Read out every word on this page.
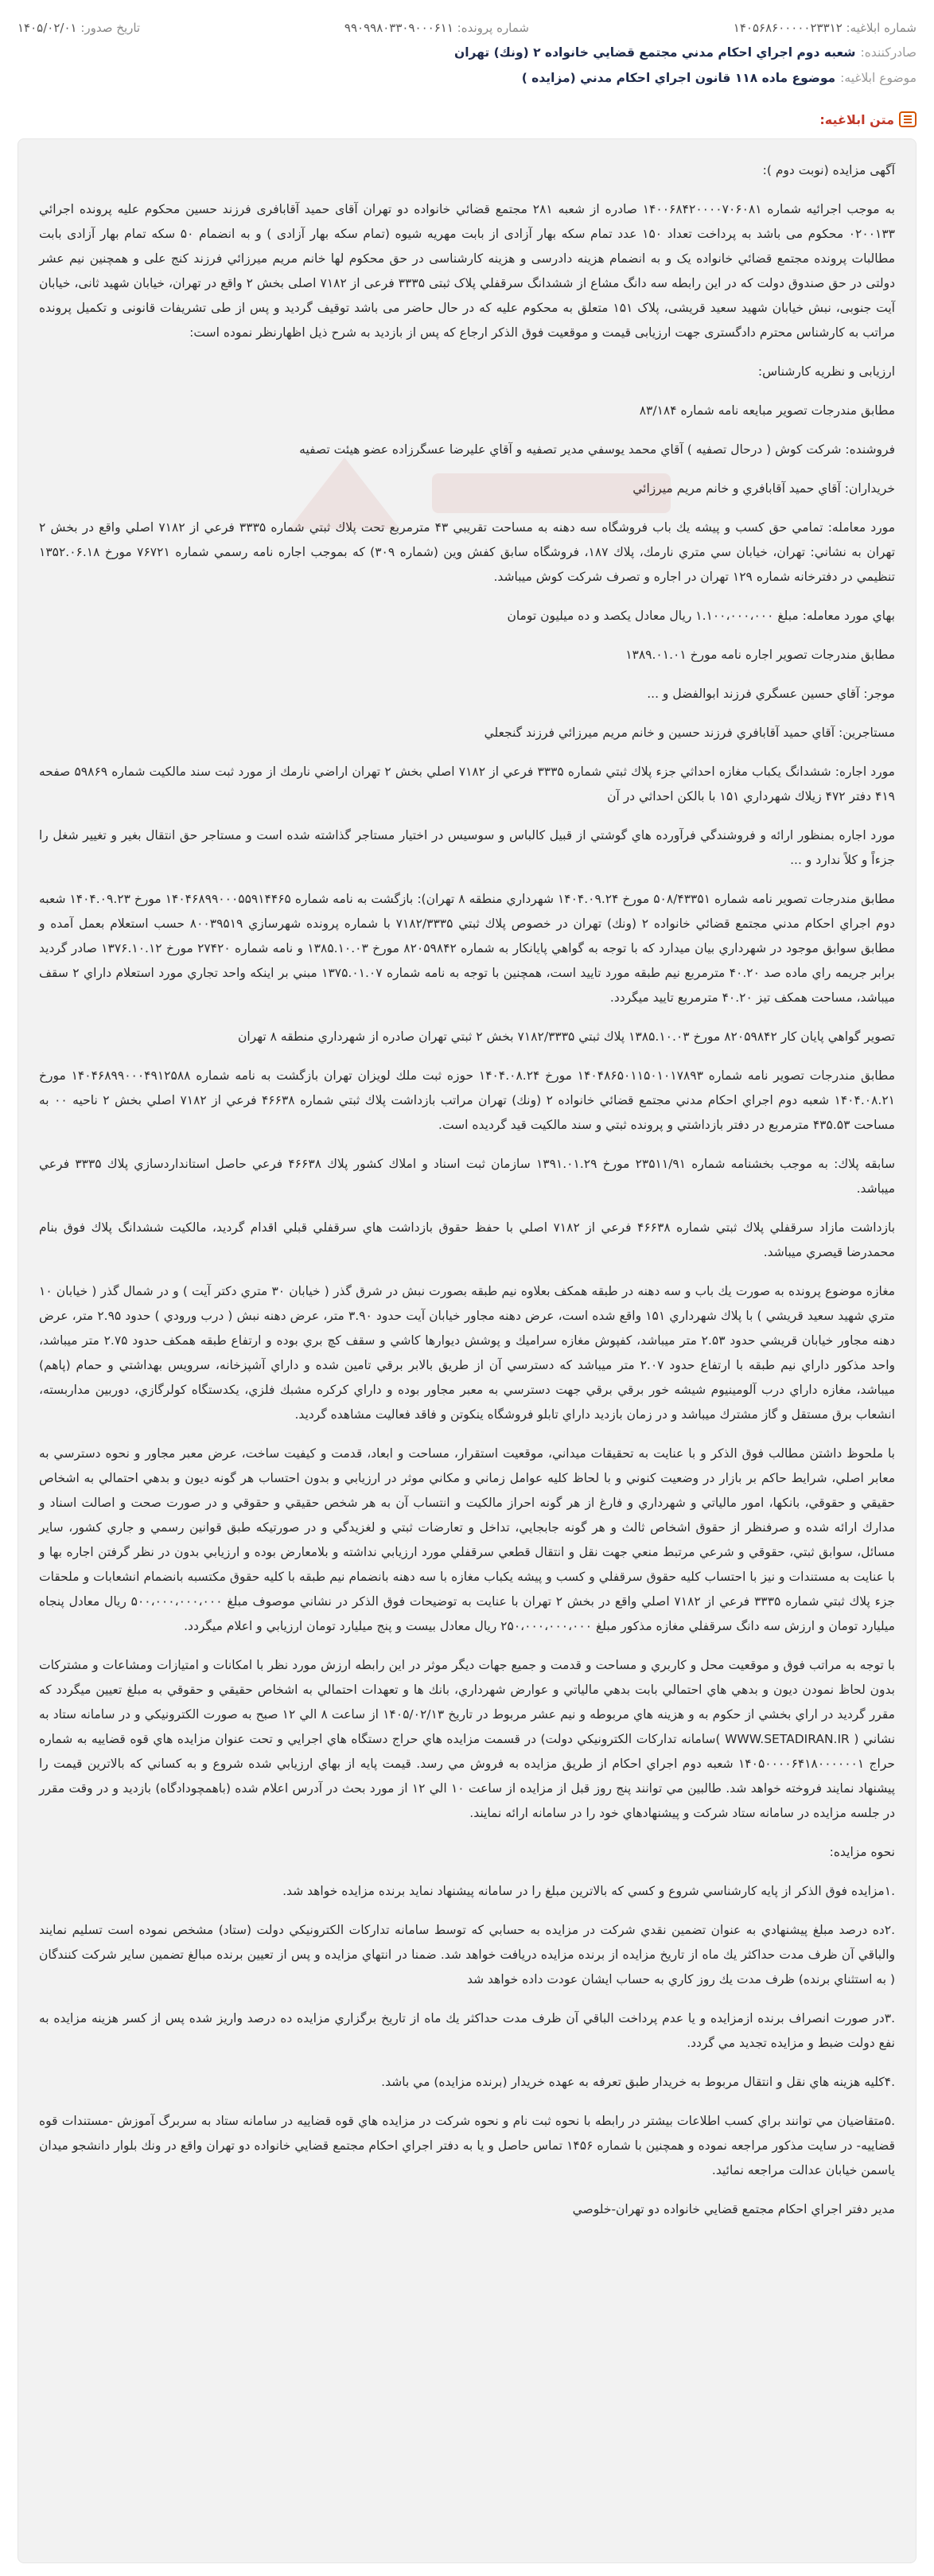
شماره ابلاغیه: ۱۴۰۵۶۸۶۰۰۰۰۰۲۳۳۱۲
شماره پرونده: ۹۹۰۹۹۸۰۳۳۰۹۰۰۰۶۱۱
تاریخ صدور: ۱۴۰۵/۰۲/۰۱
صادرکننده:
شعبه دوم اجراي احكام مدني مجتمع قضايي خانواده ۲ (ونك) تهران
موضوع ابلاغیه:
موضوع ماده ۱۱۸ قانون اجراي احكام مدني (مزايده )
متن ابلاغیه:

آگهی مزایده (نوبت دوم ):

به موجب اجرائيه شماره ۱۴۰۰۶۸۴۲۰۰۰۰۷۰۶۰۸۱ صادره از شعبه ۲۸۱ مجتمع قضائي خانواده دو تهران آقای حمید آقابافری فرزند حسین محکوم علیه پرونده اجرائي ۰۲۰۰۱۳۳ محکوم می باشد به پرداخت تعداد ۱۵۰ عدد تمام سکه بهار آزادی از بابت مهریه شیوه (تمام سکه بهار آزادی ) و به انضمام ۵۰ سکه تمام بهار آزادی بابت مطالبات پرونده مجتمع قضائي خانواده یک و به انضمام هزینه دادرسی و هزینه کارشناسی در حق محکوم لها خانم مریم میرزائي فرزند کنج علی و همچنین نیم عشر دولتی در حق صندوق دولت که در این رابطه سه دانگ مشاع از ششدانگ سرقفلي پلاک ثبتی ۳۳۳۵ فرعی از ۷۱۸۲ اصلی بخش ۲ واقع در تهران، خیابان شهید ثانی، خیابان آیت جنوبی، نبش خیابان شهید سعید قریشی، پلاک ۱۵۱ متعلق به محکوم علیه که در حال حاضر می باشد توقیف گردید و پس از طی تشریفات قانونی و تکمیل پرونده مراتب به کارشناس محترم دادگستری جهت ارزیابی قیمت و موقعیت فوق الذکر ارجاع که پس از بازدید به شرح ذیل اظهارنظر نموده است:

ارزیابی و نظریه کارشناس:

مطابق مندرجات تصویر مبایعه نامه شماره ۸۳/۱۸۴

فروشنده: شرکت کوش ( درحال تصفیه ) آقاي محمد يوسفي مدير تصفيه و آقاي عليرضا عسگرزاده عضو هيئت تصفيه

خریداران: آقاي حميد آقابافري و خانم مريم ميرزائي

مورد معامله: تمامي حق كسب و پيشه يك باب فروشگاه سه دهنه به مساحت تقريبي ۴۳ مترمربع تحت پلاك ثبتي شماره ۳۳۳۵ فرعي از ۷۱۸۲ اصلي واقع در بخش ۲ تهران به نشاني: تهران، خيابان سي متري نارمك، پلاك ۱۸۷، فروشگاه سابق كفش وين (شماره ۳۰۹) كه بموجب اجاره نامه رسمي شماره ۷۶۷۲۱ مورخ ۱۳۵۲.۰۶.۱۸ تنظيمي در دفترخانه شماره ۱۲۹ تهران در اجاره و تصرف شركت كوش ميباشد.

بهاي مورد معامله: مبلغ ۱.۱۰۰،۰۰۰،۰۰۰ ريال معادل يكصد و ده ميليون تومان

مطابق مندرجات تصویر اجاره نامه مورخ ۱۳۸۹.۰۱.۰۱

موجر: آقاي حسين عسگري فرزند ابوالفضل و ...

مستاجرين: آقاي حميد آقابافري فرزند حسين و خانم مريم ميرزائي فرزند گنجعلي

مورد اجاره: ششدانگ يكباب مغازه احداثي جزء پلاك ثبتي شماره ۳۳۳۵ فرعي از ۷۱۸۲ اصلي بخش ۲ تهران اراضي نارمك از مورد ثبت سند مالكيت شماره ۵۹۸۶۹ صفحه ۴۱۹ دفتر ۴۷۲ زيلاك شهرداري ۱۵۱ با بالكن احداثي در آن

مورد اجاره بمنظور ارائه و فروشندگي فرآورده هاي گوشتي از قبيل كالباس و سوسيس در اختيار مستاجر گذاشته شده است و مستاجر حق انتقال بغير و تغيير شغل را جزءاً و كلاً ندارد و ...

مطابق مندرجات تصویر نامه شماره ۵۰۸/۴۳۳۵۱ مورخ ۱۴۰۴.۰۹.۲۴ شهرداري منطقه ۸ تهران): بازگشت به نامه شماره ۱۴۰۴۶۸۹۹۰۰۰۵۵۹۱۴۴۶۵ مورخ ۱۴۰۴.۰۹.۲۳ شعبه دوم اجراي احكام مدني مجتمع قضائي خانواده ۲ (ونك) تهران در خصوص پلاك ثبتي ۷۱۸۲/۳۳۳۵ با شماره پرونده شهرسازي ۸۰۰۳۹۵۱۹ حسب استعلام بعمل آمده و مطابق سوابق موجود در شهرداري بيان ميدارد كه با توجه به گواهي پايانكار به شماره ۸۲۰۵۹۸۴۲ مورخ ۱۳۸۵.۱۰.۰۳ و نامه شماره ۲۷۴۲۰ مورخ ۱۳۷۶.۱۰.۱۲ صادر گرديد برابر جريمه راي ماده صد ۴۰.۲۰ مترمربع نيم طبقه مورد تاييد است، همچنين با توجه به نامه شماره ۱۳۷۵.۰۱.۰۷ مبني بر اينكه واحد تجاري مورد استعلام داراي ۲ سقف ميباشد، مساحت همكف تيز ۴۰.۲۰ مترمربع تاييد ميگردد.

تصوير گواهي پايان كار ۸۲۰۵۹۸۴۲ مورخ ۱۳۸۵.۱۰.۰۳ پلاك ثبتي ۷۱۸۲/۳۳۳۵ بخش ۲ ثبتي تهران صادره از شهرداري منطقه ۸ تهران

مطابق مندرجات تصویر نامه شماره ۱۴۰۴۸۶۵۰۱۱۵۰۱۰۱۷۸۹۳ مورخ ۱۴۰۴.۰۸.۲۴ حوزه ثبت ملك لويزان تهران بازگشت به نامه شماره ۱۴۰۴۶۸۹۹۰۰۰۴۹۱۲۵۸۸ مورخ ۱۴۰۴.۰۸.۲۱ شعبه دوم اجراي احكام مدني مجتمع قضائي خانواده ۲ (ونك) تهران مراتب بازداشت پلاك ثبتي شماره ۴۶۶۳۸ فرعي از ۷۱۸۲ اصلي بخش ۲ ناحيه ۰۰ به مساحت ۴۳۵.۵۳ مترمربع در دفتر بازداشتي و پرونده ثبتي و سند مالكيت قيد گرديده است.

سابقه پلاك: به موجب بخشنامه شماره ۲۳۵۱۱/۹۱ مورخ ۱۳۹۱.۰۱.۲۹ سازمان ثبت اسناد و املاك كشور پلاك ۴۶۶۳۸ فرعي حاصل استانداردسازي پلاك ۳۳۳۵ فرعي ميباشد.

بازداشت مازاد سرقفلي پلاك ثبتي شماره ۴۶۶۳۸ فرعي از ۷۱۸۲ اصلي با حفظ حقوق بازداشت هاي سرقفلي قبلي اقدام گرديد، مالكيت ششدانگ پلاك فوق بنام محمدرضا قيصري ميباشد.

مغازه موضوع پرونده به صورت يك باب و سه دهنه در طبقه همكف بعلاوه نيم طبقه بصورت نبش در شرق گذر ( خيابان ۳۰ متري دكتر آيت ) و در شمال گذر ( خيابان ۱۰ متري شهيد سعيد قريشي ) با پلاك شهرداري ۱۵۱ واقع شده است، عرض دهنه مجاور خيابان آيت حدود ۳.۹۰ متر، عرض دهنه نبش ( درب ورودي ) حدود ۲.۹۵ متر، عرض دهنه مجاور خيابان قريشي حدود ۲.۵۳ متر ميباشد، كفپوش مغازه سراميك و پوشش ديوارها كاشي و سقف كچ بري بوده و ارتفاع طبقه همكف حدود ۲.۷۵ متر ميباشد، واحد مذكور داراي نيم طبقه با ارتفاع حدود ۲.۰۷ متر ميباشد كه دسترسي آن از طريق بالابر برقي تامين شده و داراي آشپزخانه، سرويس بهداشتي و حمام (پاهم) ميباشد، مغازه داراي درب آلومينيوم شيشه خور برقي برقي جهت دسترسي به معبر مجاور بوده و داراي كركره مشبك فلزي، يكدستگاه كولرگازي، دوربين مداربسته، انشعاب برق مستقل و گاز مشترك ميباشد و در زمان بازديد داراي تابلو فروشگاه ينكوتن و فاقد فعاليت مشاهده گرديد.

با ملحوظ داشتن مطالب فوق الذكر و با عنايت به تحقيقات ميداني، موقعيت استقرار، مساحت و ابعاد، قدمت و كيفيت ساخت، عرض معبر مجاور و نحوه دسترسي به معابر اصلي، شرايط حاكم بر بازار در وضعيت كنوني و با لحاظ كليه عوامل زماني و مكاني موثر در ارزيابي و بدون احتساب هر گونه ديون و بدهي احتمالي به اشخاص حقيقي و حقوقي، بانكها، امور مالياتي و شهرداري و فارغ از هر گونه احراز مالكيت و انتساب آن به هر شخص حقيقي و حقوقي و در صورت صحت و اصالت اسناد و مدارك ارائه شده و صرفنظر از حقوق اشخاص ثالث و هر گونه جابجايي، تداخل و تعارضات ثبتي و لغزيدگي و در صورتيكه طبق قوانين رسمي و جاري كشور، ساير مسائل، سوابق ثبتي، حقوقي و شرعي مرتبط منعي جهت نقل و انتقال قطعي سرقفلي مورد ارزيابي نداشته و بلامعارض بوده و ارزيابي بدون در نظر گرفتن اجاره بها و با عنايت به مستندات و نيز با احتساب كليه حقوق سرقفلي و كسب و پيشه يكباب مغازه با سه دهنه بانضمام نيم طبقه با كليه حقوق مكتسبه بانضمام انشعابات و ملحقات جزء پلاك ثبتي شماره ۳۳۳۵ فرعي از ۷۱۸۲ اصلي واقع در بخش ۲ تهران با عنايت به توضيحات فوق الذكر در نشاني موصوف مبلغ ۵۰۰،۰۰۰،۰۰۰،۰۰۰ ريال معادل پنجاه ميليارد تومان و ارزش سه دانگ سرقفلي مغازه مذكور مبلغ ۲۵۰،۰۰۰،۰۰۰،۰۰۰ ريال معادل بيست و پنج ميليارد تومان ارزيابي و اعلام ميگردد.

با توجه به مراتب فوق و موقعيت محل و كاربري و مساحت و قدمت و جميع جهات ديگر موثر در اين رابطه ارزش مورد نظر با امكانات و امتيازات ومشاعات و مشتركات بدون لحاظ نمودن ديون و بدهي هاي احتمالي بابت بدهي مالياتي و عوارض شهرداري، بانك ها و تعهدات احتمالي به اشخاص حقيقي و حقوقي به مبلغ تعيين ميگردد كه مقرر گرديد در اراي بخشي از حكوم به و هزينه هاي مربوطه و نيم عشر مربوط در تاريخ ۱۴۰۵/۰۲/۱۳ از ساعت ۸ الي ۱۲ صبح به صورت الكترونيكي و در سامانه ستاد به نشاني ( WWW.SETADIRAN.IR )سامانه تداركات الكترونيكي دولت) در قسمت مزايده هاي حراج دستگاه هاي اجرايي و تحت عنوان مزايده هاي قوه قضاييه به شماره حراج ۱۴۰۵۰۰۰۰۶۴۱۸۰۰۰۰۰۰۱ شعبه دوم اجراي احكام از طريق مزايده به فروش مي رسد. قيمت پايه از بهاي ارزيابي شده شروع و به كساني كه بالاترين قيمت را پيشنهاد نمايند فروخته خواهد شد. طالبين مي توانند پنج روز قبل از مزايده از ساعت ۱۰ الي ۱۲ از مورد بحث در آدرس اعلام شده (باهمچودادگاه) بازديد و در وقت مقرر در جلسه مزايده در سامانه ستاد شركت و پيشنهادهاي خود را در سامانه ارائه نمايند.

نحوه مزایده:

.۱مزايده فوق الذكر از پايه كارشناسي شروع و كسي كه بالاترين مبلغ را در سامانه پيشنهاد نمايد برنده مزايده خواهد شد.

.۲ده درصد مبلغ پيشنهادي به عنوان تضمين نقدي شركت در مزايده به حسابي كه توسط سامانه تداركات الكترونيكي دولت (ستاد) مشخص نموده است تسليم نمايند والباقي آن ظرف مدت حداكثر يك ماه از تاريخ مزايده از برنده مزايده دريافت خواهد شد. ضمنا در انتهاي مزايده و پس از تعيين برنده مبالغ تضمين ساير شركت كنندگان ( به استثناي برنده) ظرف مدت يك روز كاري به حساب ايشان عودت داده خواهد شد

.۳در صورت انصراف برنده ازمزايده و يا عدم پرداخت الباقي آن ظرف مدت حداكثر يك ماه از تاريخ برگزاري مزايده ده درصد واريز شده پس از كسر هزينه مزايده به نفع دولت ضبط و مزايده تجديد مي گردد.

.۴كليه هزينه هاي نقل و انتقال مربوط به خريدار طبق تعرفه به عهده خريدار (برنده مزايده) مي باشد.

.۵متقاضيان مي توانند براي كسب اطلاعات بيشتر در رابطه با نحوه ثبت نام و نحوه شركت در مزايده هاي قوه قضاييه در سامانه ستاد به سربرگ آموزش -مستندات قوه قضاييه- در سايت مذكور مراجعه نموده و همچنين با شماره ۱۴۵۶ تماس حاصل و يا به دفتر اجراي احكام مجتمع قضايي خانواده دو تهران واقع در ونك بلوار دانشجو ميدان ياسمن خيابان عدالت مراجعه نمائيد.

مدير دفتر اجراي احكام مجتمع قضايي خانواده دو تهران-خلوصي
